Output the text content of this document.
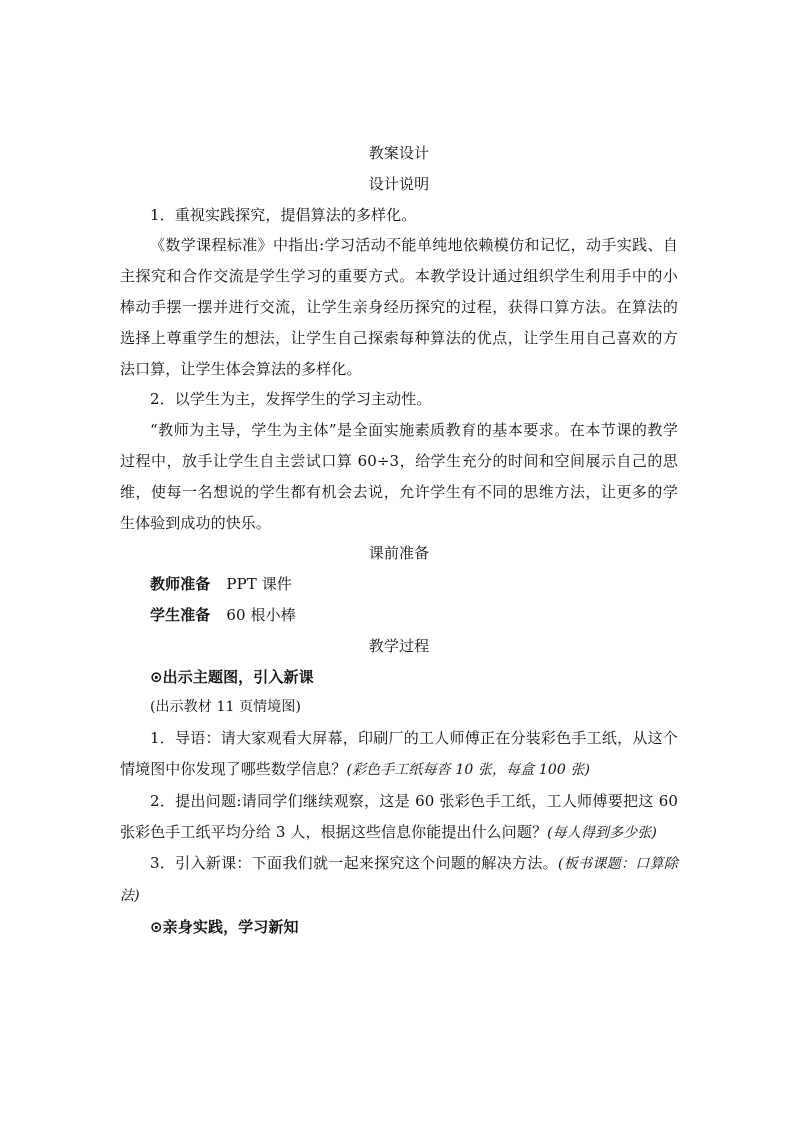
教案设计

设计说明

1．重视实践探究，提倡算法的多样化。

《数学课程标准》中指出:学习活动不能单纯地依赖模仿和记忆，动手实践、自主探究和合作交流是学生学习的重要方式。本教学设计通过组织学生利用手中的小棒动手摆一摆并进行交流，让学生亲身经历探究的过程，获得口算方法。在算法的选择上尊重学生的想法，让学生自己探索每种算法的优点，让学生用自己喜欢的方法口算，让学生体会算法的多样化。

2．以学生为主，发挥学生的学习主动性。

“教师为主导，学生为主体”是全面实施素质教育的基本要求。在本节课的教学过程中，放手让学生自主尝试口算 60÷3，给学生充分的时间和空间展示自己的思维，使每一名想说的学生都有机会去说，允许学生有不同的思维方法，让更多的学生体验到成功的快乐。

课前准备

教师准备 PPT 课件

学生准备 60 根小棒

教学过程

⊙出示主题图，引入新课

(出示教材 11 页情境图)

1．导语：请大家观看大屏幕，印刷厂的工人师傅正在分装彩色手工纸，从这个情境图中你发现了哪些数学信息？(彩色手工纸每沓 10 张，每盒 100 张)

2．提出问题:请同学们继续观察，这是 60 张彩色手工纸，工人师傅要把这 60 张彩色手工纸平均分给 3 人，根据这些信息你能提出什么问题？(每人得到多少张)

3．引入新课：下面我们就一起来探究这个问题的解决方法。(板书课题：口算除法)

⊙亲身实践，学习新知
